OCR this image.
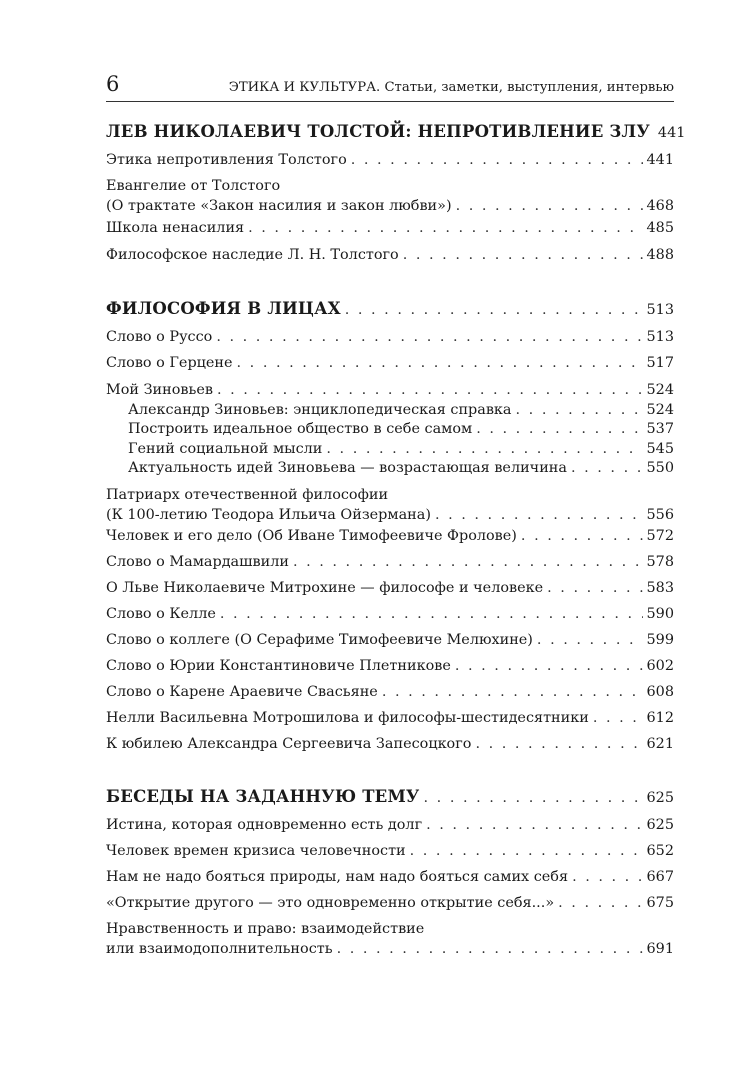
6	ЭТИКА И КУЛЬТУРА. Статьи, заметки, выступления, интервью
ЛЕВ НИКОЛАЕВИЧ ТОЛСТОЙ: НЕПРОТИВЛЕНИЕ ЗЛУ 441
Этика непротивления Толстого . . .	441
Евангелие от Толстого
(О трактате «Закон насилия и закон любви») . . .	468
Школа ненасилия . . .	485
Философское наследие Л. Н. Толстого . . .	488
ФИЛОСОФИЯ В ЛИЦАХ . . .	513
Слово о Руссо . . .	513
Слово о Герцене . . .	517
Мой Зиновьев . . .	524
Александр Зиновьев: энциклопедическая справка . . .	524
Построить идеальное общество в себе самом . . .	537
Гений социальной мысли . . .	545
Актуальность идей Зиновьева — возрастающая величина . . .	550
Патриарх отечественной философии
(К 100-летию Теодора Ильича Ойзермана) . . .	556
Человек и его дело (Об Иване Тимофеевиче Фролове) . . .	572
Слово о Мамардашвили . . .	578
О Льве Николаевиче Митрохине — философе и человеке . . .	583
Слово о Келле . . .	590
Слово о коллеге (О Серафиме Тимофеевиче Мелюхине) . . .	599
Слово о Юрии Константиновиче Плетникове . . .	602
Слово о Карене Араевиче Свасьяне . . .	608
Нелли Васильевна Мотрошилова и философы-шестидесятники . . .	612
К юбилею Александра Сергеевича Запесоцкого . . .	621
БЕСЕДЫ НА ЗАДАННУЮ ТЕМУ . . .	625
Истина, которая одновременно есть долг . . .	625
Человек времен кризиса человечности . . .	652
Нам не надо бояться природы, нам надо бояться самих себя . . .	667
«Открытие другого — это одновременно открытие себя...» . . .	675
Нравственность и право: взаимодействие
или взаимодополнительность . . .	691
